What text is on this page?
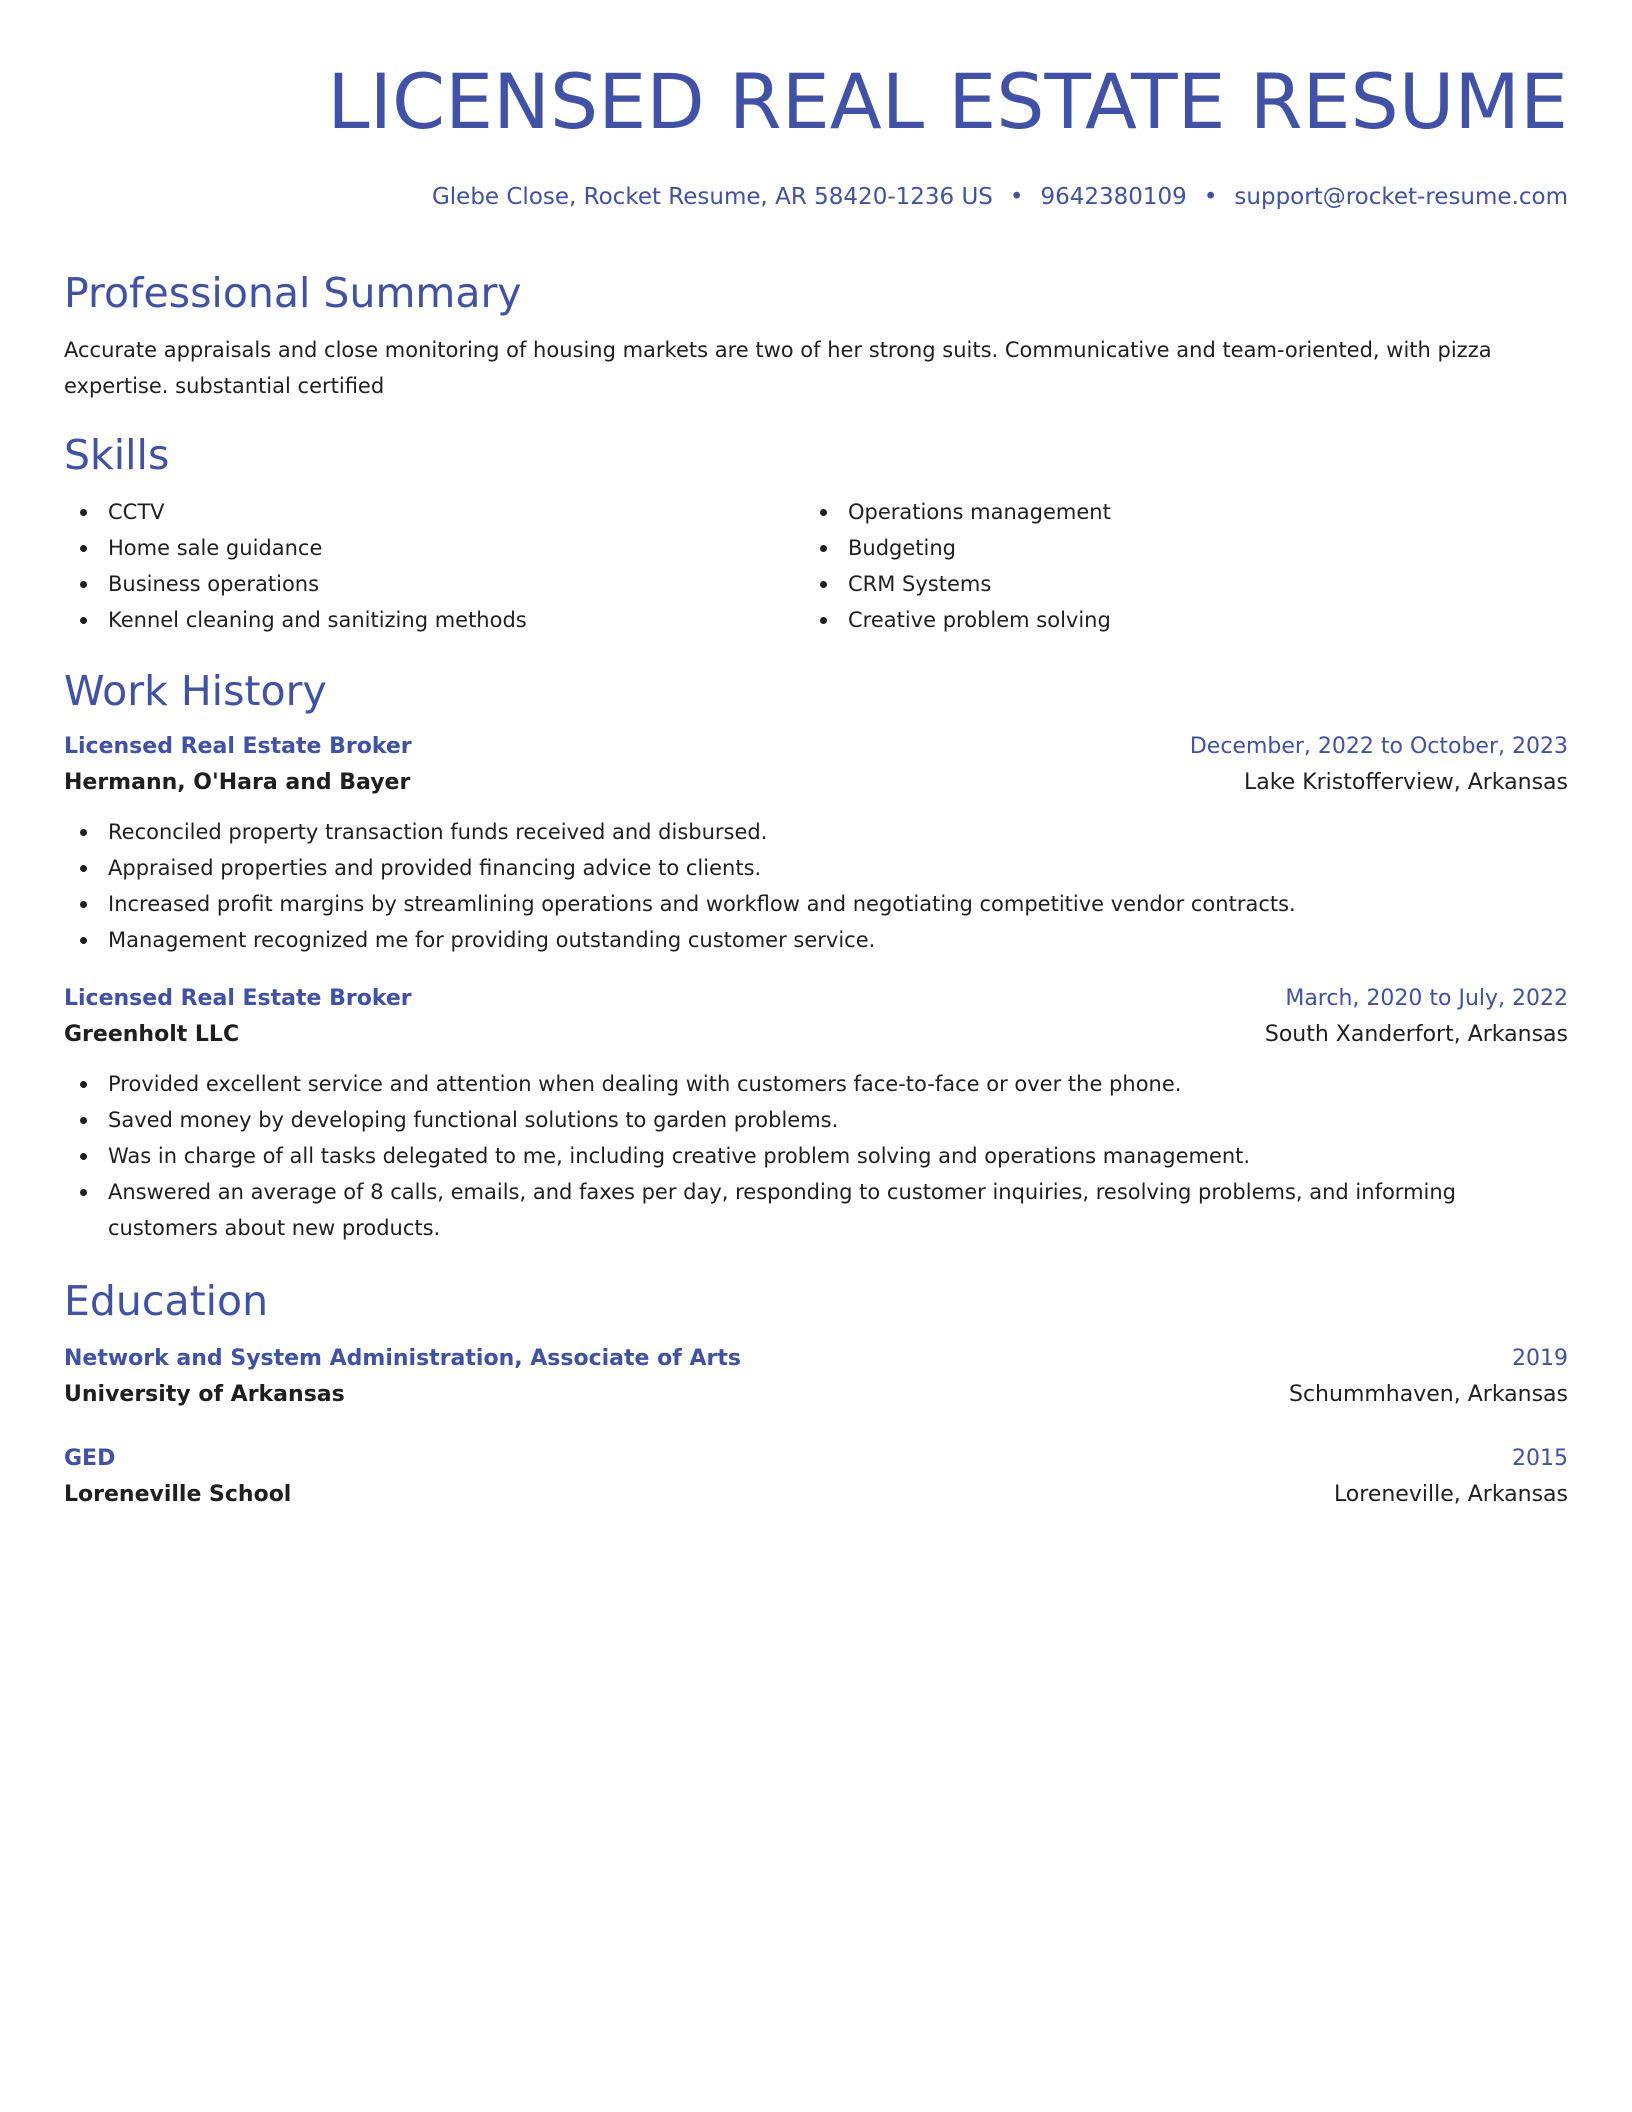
LICENSED REAL ESTATE RESUME
Glebe Close, Rocket Resume, AR 58420-1236 US • 9642380109 • support@rocket-resume.com
Professional Summary
Accurate appraisals and close monitoring of housing markets are two of her strong suits. Communicative and team-oriented, with pizza expertise. substantial certified
Skills
CCTV
Home sale guidance
Business operations
Kennel cleaning and sanitizing methods
Operations management
Budgeting
CRM Systems
Creative problem solving
Work History
Licensed Real Estate Broker	December, 2022 to October, 2023
Hermann, O'Hara and Bayer	Lake Kristofferview, Arkansas
Reconciled property transaction funds received and disbursed.
Appraised properties and provided financing advice to clients.
Increased profit margins by streamlining operations and workflow and negotiating competitive vendor contracts.
Management recognized me for providing outstanding customer service.
Licensed Real Estate Broker	March, 2020 to July, 2022
Greenholt LLC	South Xanderfort, Arkansas
Provided excellent service and attention when dealing with customers face-to-face or over the phone.
Saved money by developing functional solutions to garden problems.
Was in charge of all tasks delegated to me, including creative problem solving and operations management.
Answered an average of 8 calls, emails, and faxes per day, responding to customer inquiries, resolving problems, and informing customers about new products.
Education
Network and System Administration, Associate of Arts	2019
University of Arkansas	Schummhaven, Arkansas
GED	2015
Loreneville School	Loreneville, Arkansas
